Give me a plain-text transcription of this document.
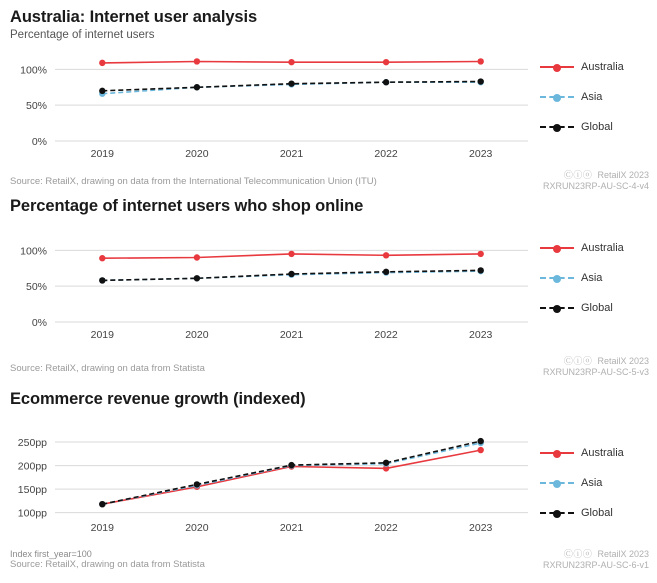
Australia: Internet user analysis
Percentage of internet users
0%
50%
100%
2019	2020	2021	2022	2023
Australia
Asia
Global
Source: RetailX, drawing on data from the International Telecommunication Union (ITU)
Ⓒⓘⓞ RetailX 2023
RXRUN23RP-AU-SC-4-v4
Percentage of internet users who shop online
0%
50%
100%
2019	2020	2021	2022	2023
Australia
Asia
Global
Source: RetailX, drawing on data from Statista
Ⓒⓘⓞ RetailX 2023
RXRUN23RP-AU-SC-5-v3
Ecommerce revenue growth (indexed)
100pp
150pp
200pp
250pp
2019	2020	2021	2022	2023
Australia
Asia
Global
Index first_year=100
Source: RetailX, drawing on data from Statista
Ⓒⓘⓞ RetailX 2023
RXRUN23RP-AU-SC-6-v1
